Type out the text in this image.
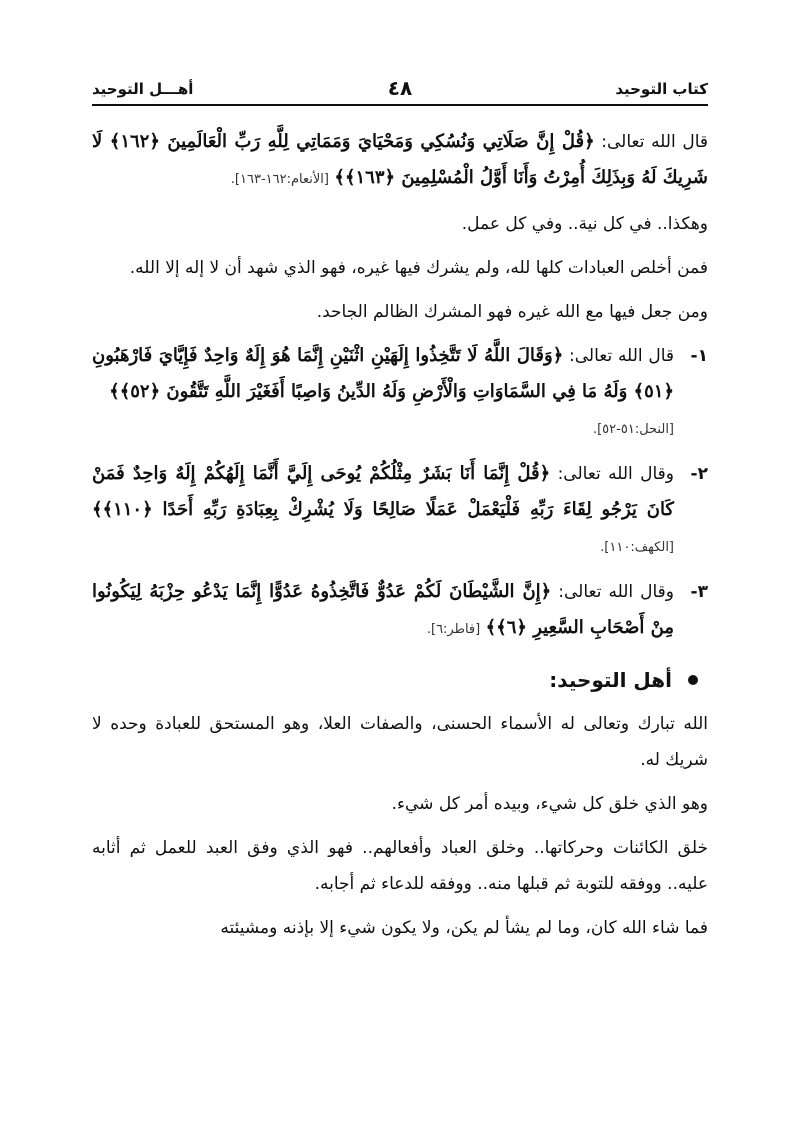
كتاب التوحيد
٤٨
أهـــل التوحيد

قال الله تعالى: ﴿قُلْ إِنَّ صَلَاتِي وَنُسُكِي وَمَحْيَايَ وَمَمَاتِي لِلَّهِ رَبِّ الْعَالَمِينَ ﴿١٦٢﴾ لَا شَرِيكَ لَهُ وَبِذَلِكَ أُمِرْتُ وَأَنَا أَوَّلُ الْمُسْلِمِينَ ﴿١٦٣﴾﴾ [الأنعام:١٦٢-١٦٣].

وهكذا.. في كل نية.. وفي كل عمل.

فمن أخلص العبادات كلها لله، ولم يشرك فيها غيره، فهو الذي شهد أن لا إله إلا الله.

ومن جعل فيها مع الله غيره فهو المشرك الظالم الجاحد.

١-
قال الله تعالى: ﴿وَقَالَ اللَّهُ لَا تَتَّخِذُوا إِلَهَيْنِ اثْنَيْنِ إِنَّمَا هُوَ إِلَهٌ وَاحِدٌ فَإِيَّايَ فَارْهَبُونِ ﴿٥١﴾ وَلَهُ مَا فِي السَّمَاوَاتِ وَالْأَرْضِ وَلَهُ الدِّينُ وَاصِبًا أَفَغَيْرَ اللَّهِ تَتَّقُونَ ﴿٥٢﴾﴾
[النحل:٥١-٥٢].
٢-
وقال الله تعالى: ﴿قُلْ إِنَّمَا أَنَا بَشَرٌ مِثْلُكُمْ يُوحَى إِلَيَّ أَنَّمَا إِلَهُكُمْ إِلَهٌ وَاحِدٌ فَمَنْ كَانَ يَرْجُو لِقَاءَ رَبِّهِ فَلْيَعْمَلْ عَمَلًا صَالِحًا وَلَا يُشْرِكْ بِعِبَادَةِ رَبِّهِ أَحَدًا ﴿١١٠﴾﴾ [الكهف:١١٠].
٣-
وقال الله تعالى: ﴿إِنَّ الشَّيْطَانَ لَكُمْ عَدُوٌّ فَاتَّخِذُوهُ عَدُوًّا إِنَّمَا يَدْعُو حِزْبَهُ لِيَكُونُوا مِنْ أَصْحَابِ السَّعِيرِ ﴿٦﴾﴾ [فاطر:٦].
أهل التوحيد:

الله تبارك وتعالى له الأسماء الحسنى، والصفات العلا، وهو المستحق للعبادة وحده لا شريك له.

وهو الذي خلق كل شيء، وبيده أمر كل شيء.

خلق الكائنات وحركاتها.. وخلق العباد وأفعالهم.. فهو الذي وفق العبد للعمل ثم أثابه عليه.. ووفقه للتوبة ثم قبلها منه.. ووفقه للدعاء ثم أجابه.

فما شاء الله كان، وما لم يشأ لم يكن، ولا يكون شيء إلا بإذنه ومشيئته
